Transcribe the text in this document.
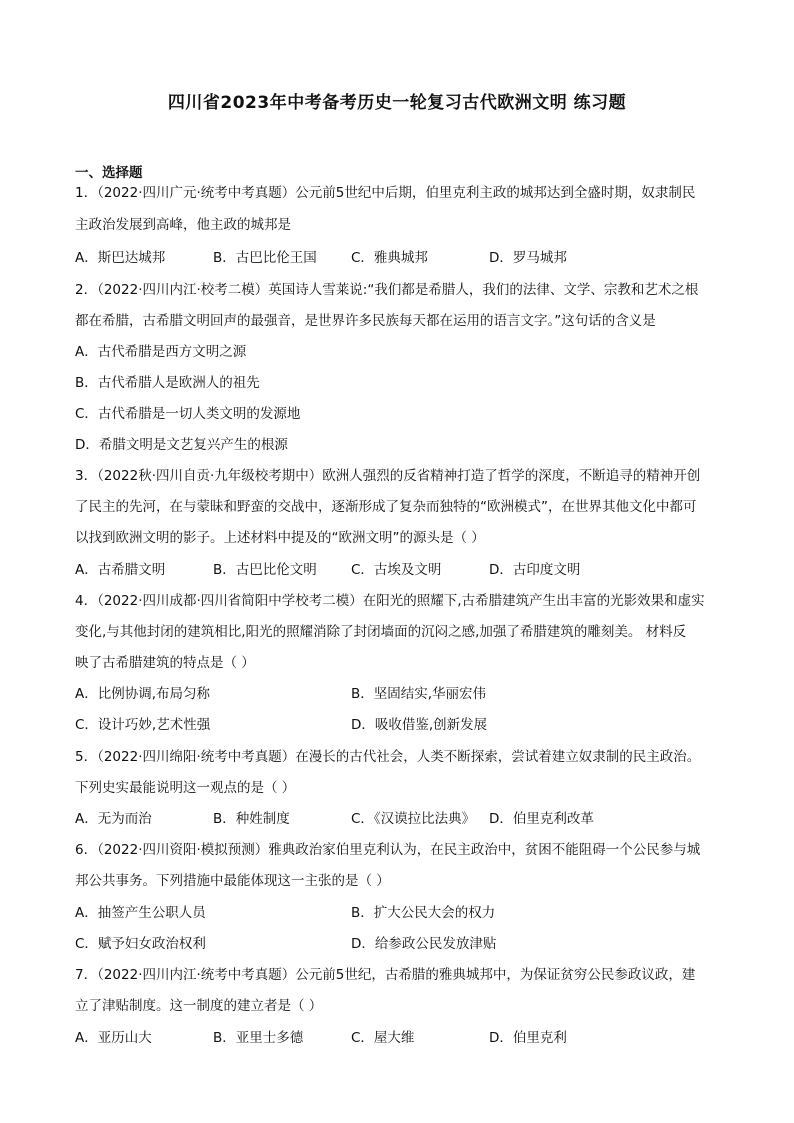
四川省2023年中考备考历史一轮复习古代欧洲文明 练习题
一、选择题
1．（2022·四川广元·统考中考真题）公元前5世纪中后期，伯里克利主政的城邦达到全盛时期，奴隶制民
主政治发展到高峰，他主政的城邦是
A．斯巴达城邦	B．古巴比伦王国	C．雅典城邦	D．罗马城邦
2．（2022·四川内江·校考二模）英国诗人雪莱说:“我们都是希腊人，我们的法律、文学、宗教和艺术之根
都在希腊，古希腊文明回声的最强音，是世界许多民族每天都在运用的语言文字。”这句话的含义是
A．古代希腊是西方文明之源
B．古代希腊人是欧洲人的祖先
C．古代希腊是一切人类文明的发源地
D．希腊文明是文艺复兴产生的根源
3．（2022秋·四川自贡·九年级校考期中）欧洲人强烈的反省精神打造了哲学的深度，不断追寻的精神开创
了民主的先河，在与蒙昧和野蛮的交战中，逐渐形成了复杂而独特的“欧洲模式”，在世界其他文化中都可
以找到欧洲文明的影子。上述材料中提及的“欧洲文明”的源头是（ ）
A．古希腊文明	B．古巴比伦文明	C．古埃及文明	D．古印度文明
4．（2022·四川成都·四川省简阳中学校考二模）在阳光的照耀下,古希腊建筑产生出丰富的光影效果和虚实
变化,与其他封闭的建筑相比,阳光的照耀消除了封闭墙面的沉闷之感,加强了希腊建筑的雕刻美。 材料反
映了古希腊建筑的特点是（ ）
A．比例协调,布局匀称	B．坚固结实,华丽宏伟
C．设计巧妙,艺术性强	D．吸收借鉴,创新发展
5．（2022·四川绵阳·统考中考真题）在漫长的古代社会，人类不断探索，尝试着建立奴隶制的民主政治。
下列史实最能说明这一观点的是（ ）
A．无为而治	B．种姓制度	C．《汉谟拉比法典》 D．伯里克利改革
6．（2022·四川资阳·模拟预测）雅典政治家伯里克利认为，在民主政治中，贫困不能阻碍一个公民参与城
邦公共事务。下列措施中最能体现这一主张的是（ ）
A．抽签产生公职人员	B．扩大公民大会的权力
C．赋予妇女政治权利	D．给参政公民发放津贴
7．（2022·四川内江·统考中考真题）公元前5世纪，古希腊的雅典城邦中，为保证贫穷公民参政议政，建
立了津贴制度。这一制度的建立者是（ ）
A．亚历山大	B．亚里士多德	C．屋大维	D．伯里克利
